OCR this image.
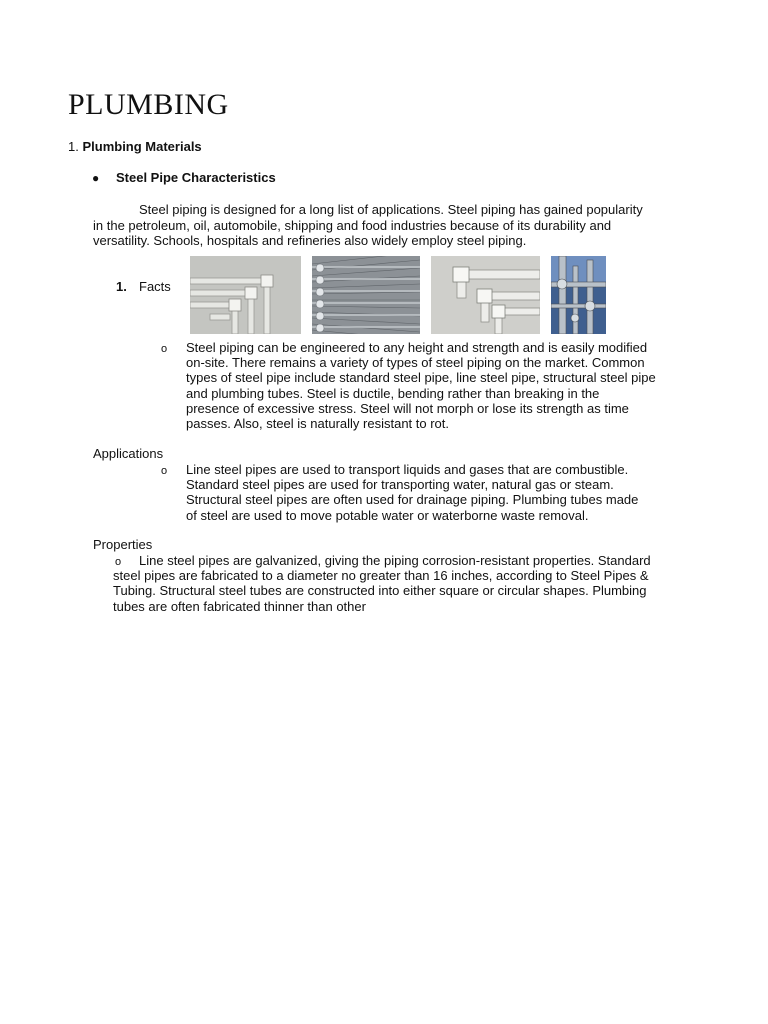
PLUMBING
1. Plumbing Materials
● Steel Pipe Characteristics

Steel piping is designed for a long list of applications. Steel piping has gained popularity in the petroleum, oil, automobile, shipping and food industries because of its durability and versatility. Schools, hospitals and refineries also widely employ steel piping.

1. Facts
o Steel piping can be engineered to any height and strength and is easily modified on-site. There remains a variety of types of steel piping on the market. Common types of steel pipe include standard steel pipe, line steel pipe, structural steel pipe and plumbing tubes. Steel is ductile, bending rather than breaking in the presence of excessive stress. Steel will not morph or lose its strength as time passes. Also, steel is naturally resistant to rot.

Applications
o Line steel pipes are used to transport liquids and gases that are combustible. Standard steel pipes are used for transporting water, natural gas or steam. Structural steel pipes are often used for drainage piping. Plumbing tubes made of steel are used to move potable water or waterborne waste removal.

Properties
o	Line steel pipes are galvanized, giving the piping corrosion-resistant properties. Standard steel pipes are fabricated to a diameter no greater than 16 inches, according to Steel Pipes & Tubing. Structural steel tubes are constructed into either square or circular shapes. Plumbing tubes are often fabricated thinner than other
